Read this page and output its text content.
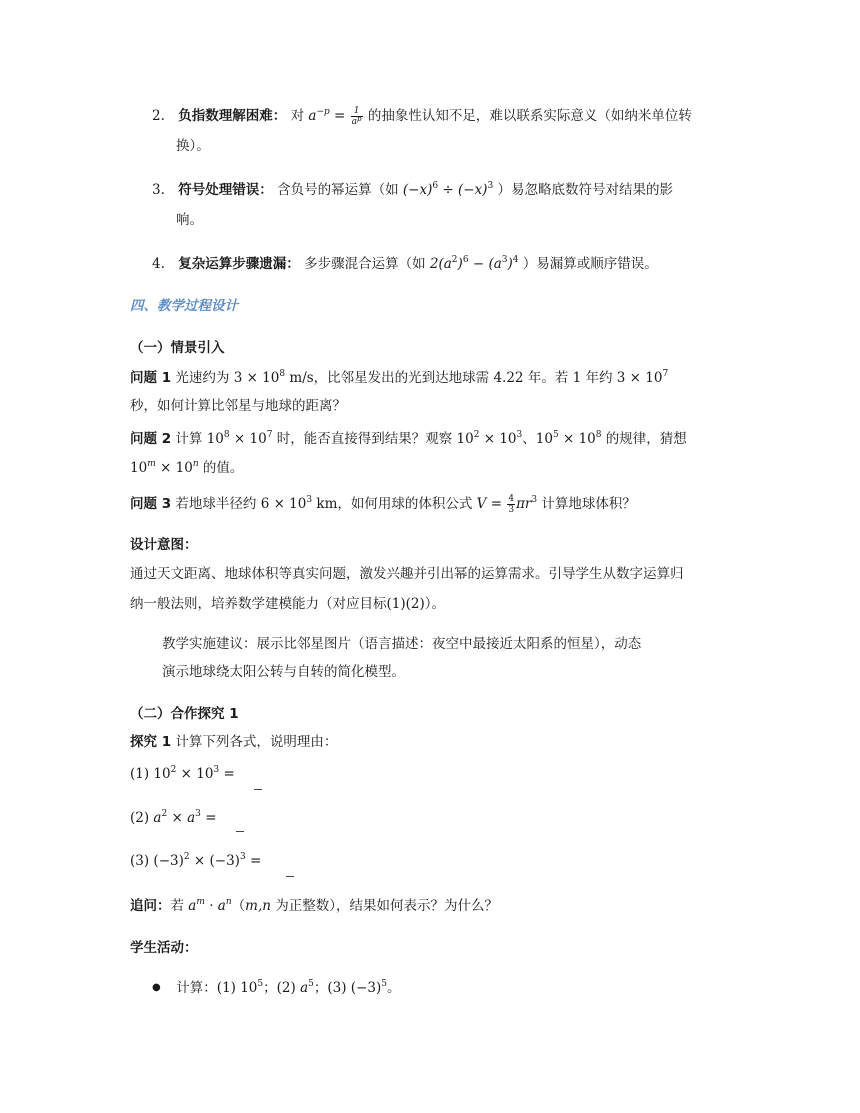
2. 负指数理解困难： 对 $a^{-p} = \frac{1}{a^p}$ 的抽象性认知不足，难以联系实际意义（如纳米单位转
换）。
3. 符号处理错误： 含负号的幂运算（如 $(-x)^6 \div (-x)^3$ ）易忽略底数符号对结果的影
响。
4. 复杂运算步骤遗漏： 多步骤混合运算（如 $2(a^2)^6 - (a^3)^4$ ）易漏算或顺序错误。
四、教学过程设计
（一）情景引入
问题 1 光速约为 $3 \times 10^8$ m/s，比邻星发出的光到达地球需 4.22 年。若 1 年约 $3 \times 10^7$
秒，如何计算比邻星与地球的距离？
问题 2 计算 $10^8 \times 10^7$ 时，能否直接得到结果？观察 $10^2 \times 10^3$、$10^5 \times 10^8$ 的规律，猜想
$10^m \times 10^n$ 的值。
问题 3 若地球半径约 $6 \times 10^3$ km，如何用球的体积公式 $V = \frac{4}{3} \pi r^3$ 计算地球体积？
设计意图：
通过天文距离、地球体积等真实问题，激发兴趣并引出幂的运算需求。引导学生从数字运算归
纳一般法则，培养数学建模能力（对应目标(1)(2)）。
教学实施建议：展示比邻星图片（语言描述：夜空中最接近太阳系的恒星），动态
演示地球绕太阳公转与自转的简化模型。
（二）合作探究 1
探究 1 计算下列各式，说明理由：
(1) $10^2 \times 10^3$ =
(2) $a^2 \times a^3$ =
(3) $(-3)^2 \times (-3)^3$ =
追问：若 $a^m \cdot a^n(m,n$ 为正整数），结果如何表示？为什么？
学生活动：
● 计算：(1) $10^5$；(2) $a^5$；(3) $(-3)^5$。
